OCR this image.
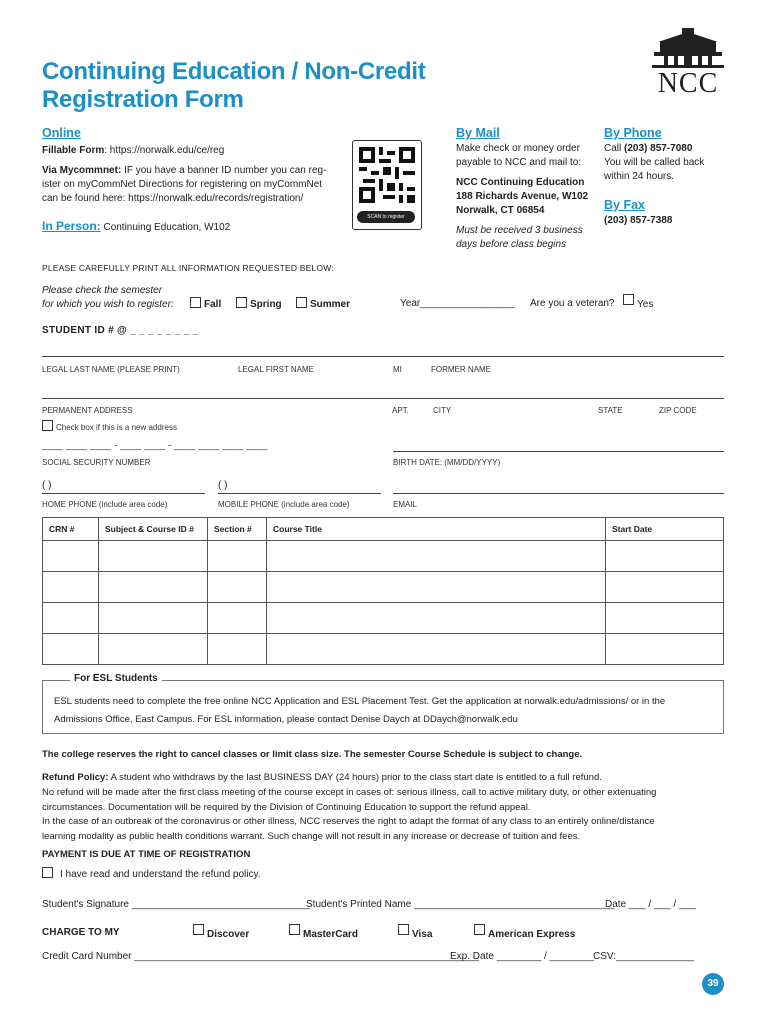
Continuing Education / Non-Credit
Registration Form
NCC
Online
Fillable Form: https://norwalk.edu/ce/reg
Via Mycommnet: IF you have a banner ID number you can reg-
ister on myCommNet Directions for registering on myCommNet
can be found here: https://norwalk.edu/records/registration/
In Person: Continuing Education, W102
SCAN to register
By Mail
Make check or money order
payable to NCC and mail to:
NCC Continuing Education
188 Richards Avenue, W102
Norwalk, CT 06854
Must be received 3 business
days before class begins
By Phone
Call (203) 857-7080
You will be called back
within 24 hours.
By Fax
(203) 857-7388
PLEASE CAREFULLY PRINT ALL INFORMATION REQUESTED BELOW:
Please check the semester
for which you wish to register:	Fall	Spring	Summer	Year_________________ Are you a veteran?	Yes
STUDENT ID # @ _ _ _ _ _ _ _ _
LEGAL LAST NAME (PLEASE PRINT)	LEGAL FIRST NAME	MI	FORMER NAME
PERMANENT ADDRESS	APT.	CITY	STATE	ZIP CODE
Check box if this is a new address
____ ____ ____ - ____ ____ - ____ ____ ____ ____
SOCIAL SECURITY NUMBER	BIRTH DATE: (MM/DD/YYYY)
( )	( )
HOME PHONE (include area code)	MOBILE PHONE (include area code)	EMAIL
CRN #	Subject & Course ID #	Section #	Course Title	Start Date

For ESL Students
ESL students need to complete the free online NCC Application and ESL Placement Test. Get the application at norwalk.edu/admissions/ or in the
Admissions Office, East Campus. For ESL information, please contact Denise Daych at DDaych@norwalk.edu
The college reserves the right to cancel classes or limit class size. The semester Course Schedule is subject to change.
Refund Policy: A student who withdraws by the last BUSINESS DAY (24 hours) prior to the class start date is entitled to a full refund.
No refund will be made after the first class meeting of the course except in cases of: serious illness, call to active military duty, or other extenuating
circumstances. Documentation will be required by the Division of Continuing Education to support the refund appeal.
In the case of an outbreak of the coronavirus or other illness, NCC reserves the right to adapt the format of any class to an entirely online/distance
learning modality as public health conditions warrant. Such change will not result in any increase or decrease of tuition and fees.
PAYMENT IS DUE AT TIME OF REGISTRATION
I have read and understand the refund policy.
Student's Signature ________________________________
Student's Printed Name ____________________________________
Date ___ / ___ / ___
CHARGE TO MY	Discover	MasterCard	Visa	American Express
Credit Card Number ______________________________________________________________
Exp. Date ________ / ________
CSV:______________
39
